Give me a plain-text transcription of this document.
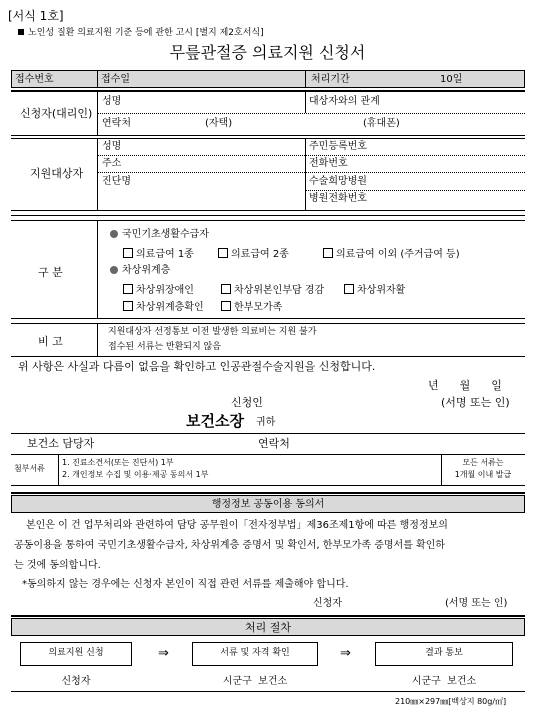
[서식 1호]
노인성 질환 의료지원 기준 등에 관한 고시 [별지 제2호서식]
무릎관절증 의료지원 신청서
접수번호	접수일	처리기간	10일
신청자(대리인)
성명	대상자와의 관계
연락처	(자택)	(휴대폰)
지원대상자
성명	주민등록번호
주소	전화번호
진단명	수술희망병원
병원전화번호
구 분
국민기초생활수급자
의료급여 1종	의료급여 2종	의료급여 이외 (주거급여 등)
차상위계층
차상위장애인	차상위본인부담 경감	차상위자활
차상위계층확인	한부모가족
비 고
지원대상자 선정통보 이전 발생한 의료비는 지원 불가
접수된 서류는 반환되지 않음
위 사항은 사실과 다름이 없음을 확인하고 인공관절수술지원을 신청합니다.
년      월      일
신청인	(서명 또는 인)
보건소장 귀하
보건소 담당자	연락처
첨부서류
1. 진료소견서(또는 진단서) 1부
2. 개인정보 수집 및 이용·제공 동의서 1부
모든 서류는
1개월 이내 발급
행정정보 공동이용 동의서
본인은 이 건 업무처리와 관련하여 담당 공무원이「전자정부법」제36조제1항에 따른 행정정보의
공동이용을 통하여 국민기초생활수급자, 차상위계층 증명서 및 확인서, 한부모가족 증명서를 확인하
는 것에 동의합니다.
*동의하지 않는 경우에는 신청자 본인이 직접 관련 서류를 제출해야 합니다.
신청자	(서명 또는 인)
처리 절차
의료지원 신청	⇒	서류 및 자격 확인	⇒	결과 통보
신청자	시군구  보건소	시군구  보건소
210㎜×297㎜[백상지 80g/㎡]
